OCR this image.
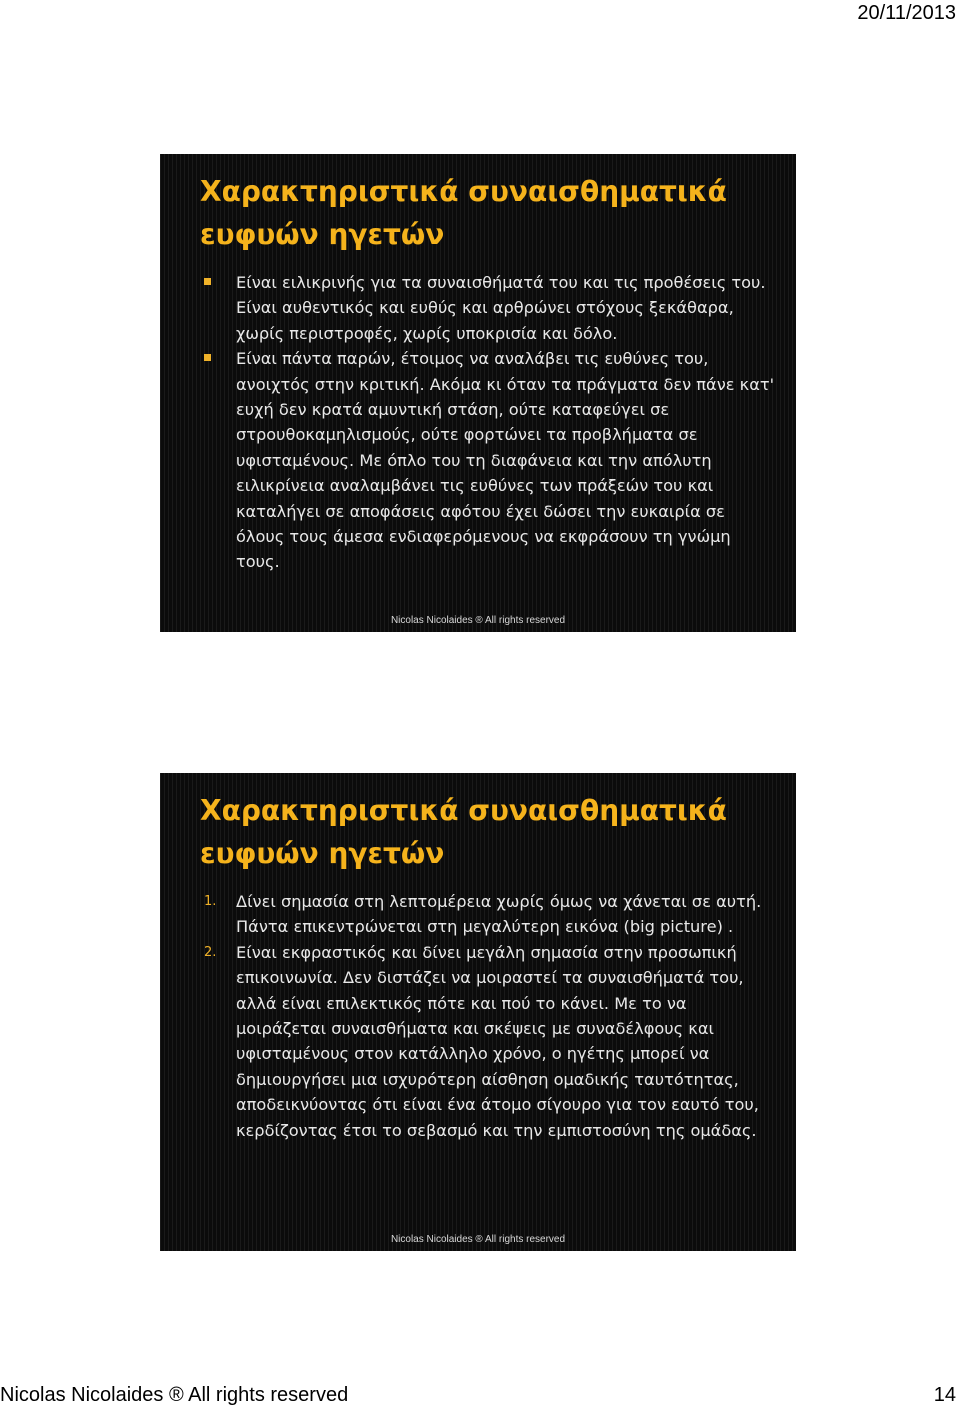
20/11/2013
Χαρακτηριστικά συναισθηματικά
ευφυών ηγετών
Είναι ειλικρινής για τα συναισθήματά του και τις προθέσεις του. Είναι αυθεντικός και ευθύς και αρθρώνει στόχους ξεκάθαρα, χωρίς περιστροφές, χωρίς υποκρισία και δόλο.
Είναι πάντα παρών, έτοιμος να αναλάβει τις ευθύνες του, ανοιχτός στην κριτική. Ακόμα κι όταν τα πράγματα δεν πάνε κατ' ευχή δεν κρατά αμυντική στάση, ούτε καταφεύγει σε στρουθοκαμηλισμούς, ούτε φορτώνει τα προβλήματα σε υφισταμένους. Με όπλο του τη διαφάνεια και την απόλυτη ειλικρίνεια αναλαμβάνει τις ευθύνες των πράξεών του και καταλήγει σε αποφάσεις αφότου έχει δώσει την ευκαιρία σε όλους τους άμεσα ενδιαφερόμενους να εκφράσουν τη γνώμη τους.
Nicolas Nicolaides ® All rights reserved
Χαρακτηριστικά συναισθηματικά
ευφυών ηγετών
1. Δίνει σημασία στη λεπτομέρεια χωρίς όμως να χάνεται σε αυτή. Πάντα επικεντρώνεται στη μεγαλύτερη εικόνα (big picture) .
2. Είναι εκφραστικός και δίνει μεγάλη σημασία στην προσωπική επικοινωνία. Δεν διστάζει να μοιραστεί τα συναισθήματά του, αλλά είναι επιλεκτικός πότε και πού το κάνει. Με το να μοιράζεται συναισθήματα και σκέψεις με συναδέλφους και υφισταμένους στον κατάλληλο χρόνο, ο ηγέτης μπορεί να δημιουργήσει μια ισχυρότερη αίσθηση ομαδικής ταυτότητας, αποδεικνύοντας ότι είναι ένα άτομο σίγουρο για τον εαυτό του, κερδίζοντας έτσι το σεβασμό και την εμπιστοσύνη της ομάδας.
Nicolas Nicolaides ® All rights reserved
Nicolas Nicolaides ® All rights reserved	14
